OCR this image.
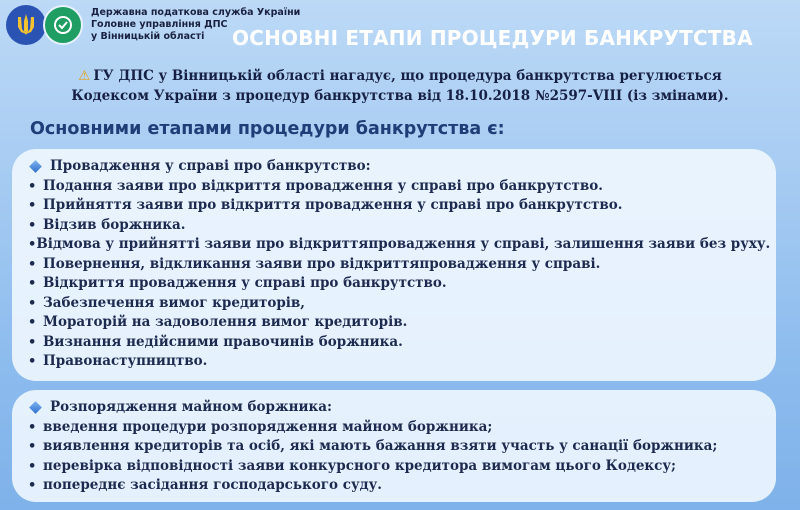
Державна податкова служба України
Головне управління ДПС
у Вінницькій області	ОСНОВНІ ЕТАПИ ПРОЦЕДУРИ БАНКРУТСТВА
⚠ ГУ ДПС у Вінницькій області нагадує, що процедура банкрутства регулюється Кодексом України з процедур банкрутства від 18.10.2018 №2597-VIII (із змінами).
Основними етапами процедури банкрутства є:
Провадження у справі про банкрутство:
•
Подання заяви про відкриття провадження у справі про банкрутство.
•
Прийняття заяви про відкриття провадження у справі про банкрутство.
•
Відзив боржника.
•
Відмова у прийнятті заяви про відкриттяпровадження у справі, залишення заяви без руху.
•
Повернення, відкликання заяви про відкриттяпровадження у справі.
•
Відкриття провадження у справі про банкрутство.
•
Забезпечення вимог кредиторів,
•
Мораторій на задоволення вимог кредиторів.
•
Визнання недійсними правочинів боржника.
•
Правонаступництво.
Розпорядження майном боржника:
•
введення процедури розпорядження майном боржника;
•
виявлення кредиторів та осіб, які мають бажання взяти участь у санації боржника;
•
перевірка відповідності заяви конкурсного кредитора вимогам цього Кодексу;
•
попереднє засідання господарського суду.
